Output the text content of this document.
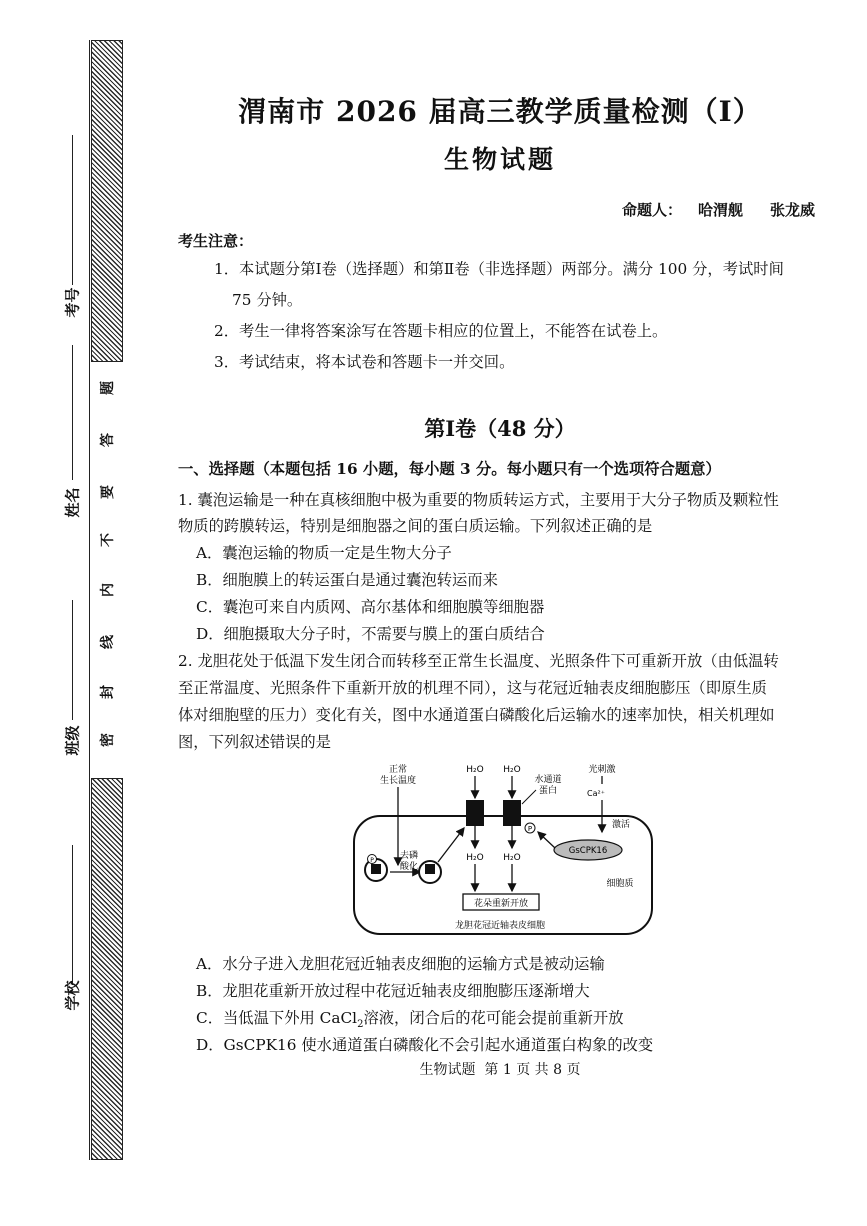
题
答
要
不
内
线
封
密
考号
姓名
班级
学校
渭南市 2026 届高三教学质量检测（Ⅰ）
生物试题
命题人： 哈渭舰 张龙威
考生注意：
1．本试题分第Ⅰ卷（选择题）和第Ⅱ卷（非选择题）两部分。满分 100 分，考试时间
75 分钟。
2．考生一律将答案涂写在答题卡相应的位置上，不能答在试卷上。
3．考试结束，将本试卷和答题卡一并交回。
第Ⅰ卷（48 分）
一、选择题（本题包括 16 小题，每小题 3 分。每小题只有一个选项符合题意）
1. 囊泡运输是一种在真核细胞中极为重要的物质转运方式，主要用于大分子物质及颗粒性
物质的跨膜转运，特别是细胞器之间的蛋白质运输。下列叙述正确的是
A．囊泡运输的物质一定是生物大分子
B．细胞膜上的转运蛋白是通过囊泡转运而来
C．囊泡可来自内质网、高尔基体和细胞膜等细胞器
D．细胞摄取大分子时，不需要与膜上的蛋白质结合
2. 龙胆花处于低温下发生闭合而转移至正常生长温度、光照条件下可重新开放（由低温转
至正常温度、光照条件下重新开放的机理不同），这与花冠近轴表皮细胞膨压（即原生质
体对细胞壁的压力）变化有关，图中水通道蛋白磷酸化后运输水的速率加快，相关机理如
图，下列叙述错误的是
正常
生长温度
H₂O
H₂O
H₂O
H₂O
水通道
蛋白
P
光刺激
Ca²⁺
激活
GsCPK16
P	去磷
酸化
花朵重新开放
细胞质
龙胆花冠近轴表皮细胞
A．水分子进入龙胆花冠近轴表皮细胞的运输方式是被动运输
B．龙胆花重新开放过程中花冠近轴表皮细胞膨压逐渐增大
C．当低温下外用 CaCl$_2$溶液，闭合后的花可能会提前重新开放
D．GsCPK16 使水通道蛋白磷酸化不会引起水通道蛋白构象的改变
生物试题  第 1 页 共 8 页
